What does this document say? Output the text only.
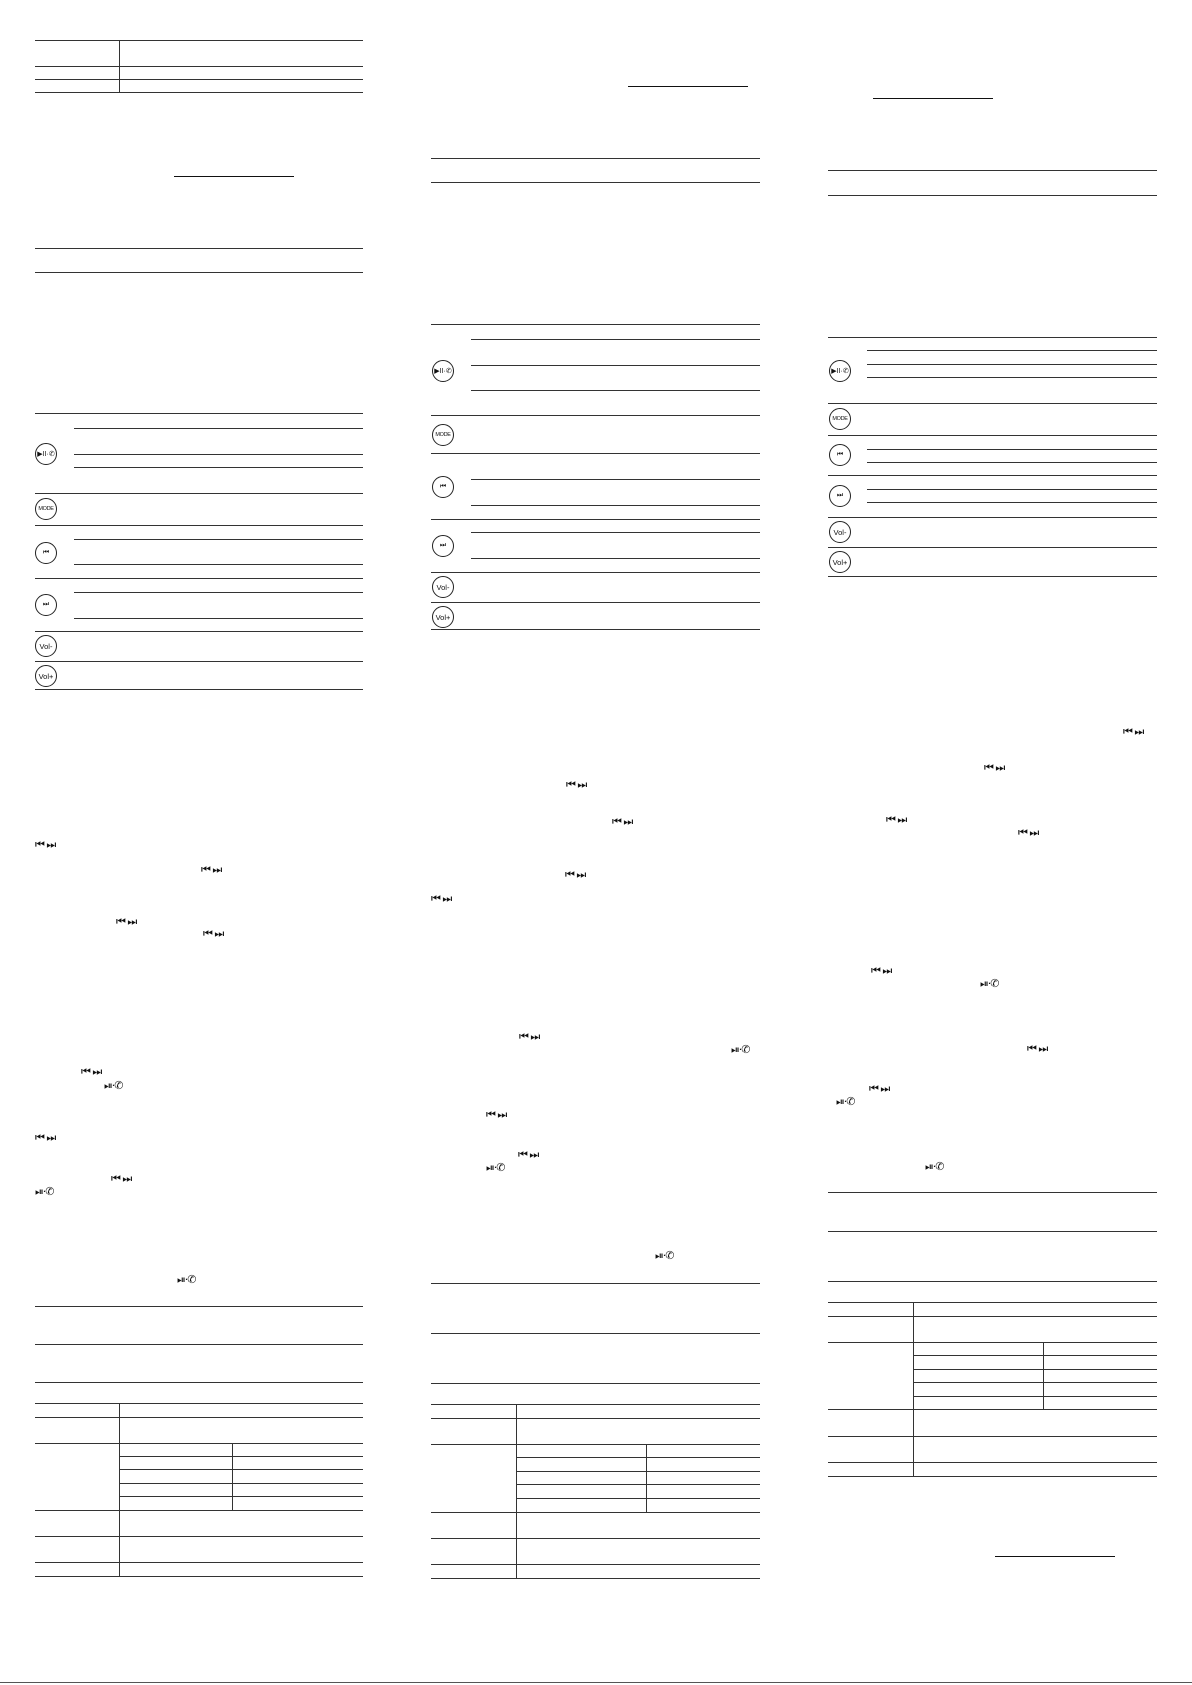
▶II·✆
MODE
⏮
⏭
Vol-
Vol+
⏮ ⏭
⏮ ⏭
⏮ ⏭
⏮ ⏭
⏮ ⏭
⏯·✆
⏮ ⏭
⏮ ⏭
⏯·✆
⏯·✆
▶II·✆
MODE
⏮
⏭
Vol-
Vol+
⏮ ⏭
⏮ ⏭
⏮ ⏭
⏮ ⏭
⏮ ⏭
⏯·✆
⏮ ⏭
⏮ ⏭
⏯·✆
⏯·✆
▶II·✆
MODE
⏮
⏭
Vol-
Vol+
⏮ ⏭
⏮ ⏭
⏮ ⏭
⏮ ⏭
⏮ ⏭
⏯·✆
⏮ ⏭
⏮ ⏭
⏯·✆
⏯·✆
